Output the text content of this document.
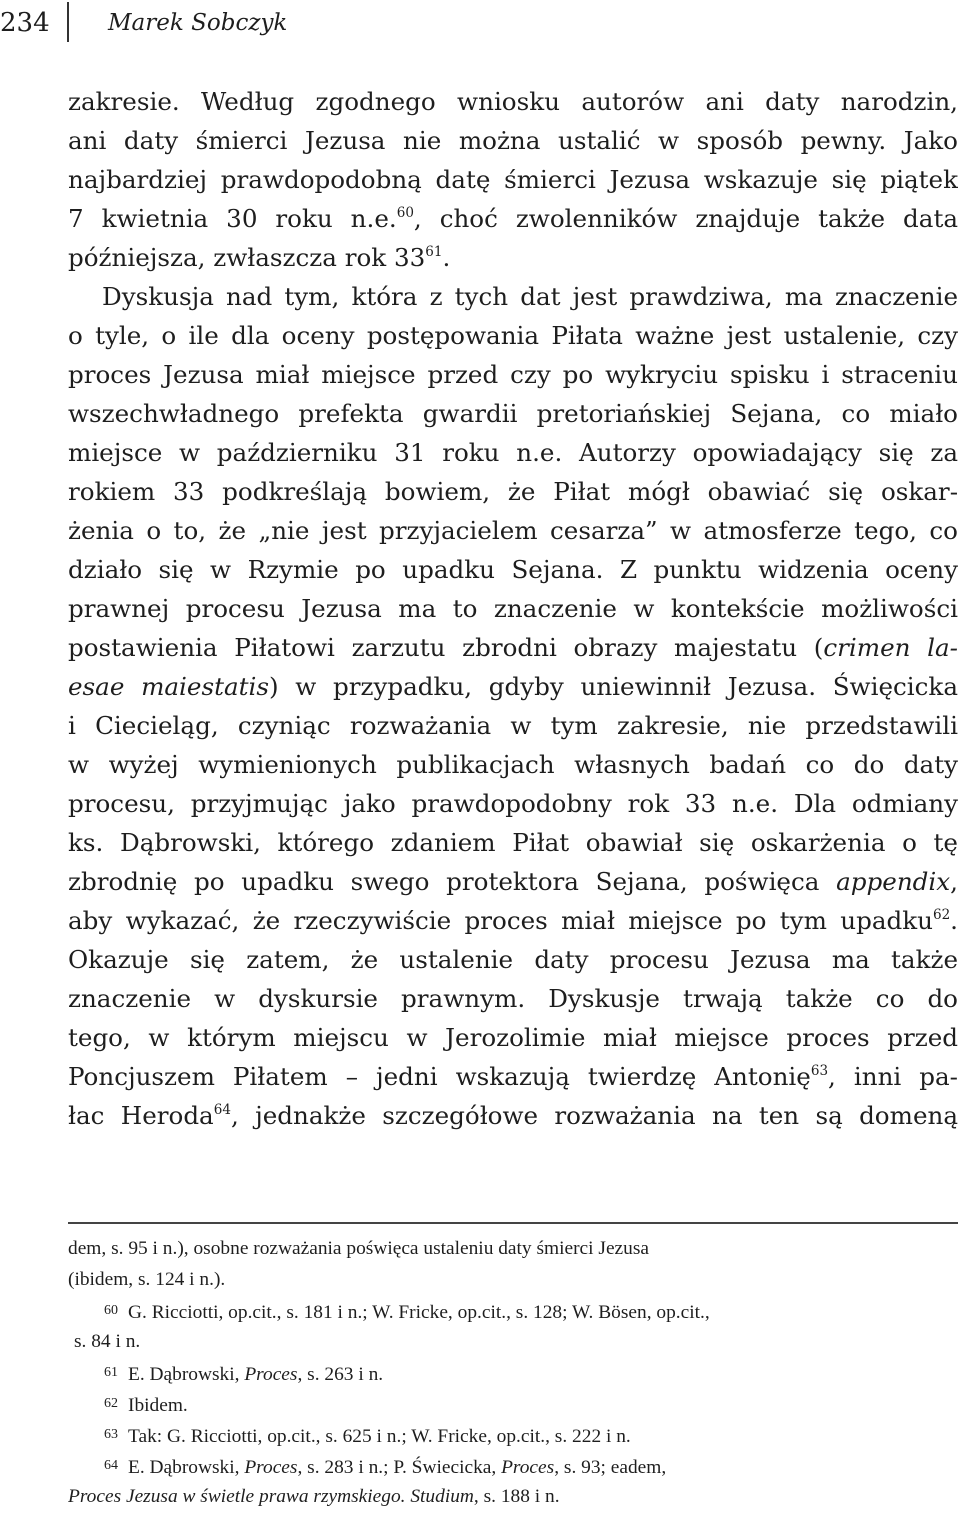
234	Marek Sobczyk
zakresie. Według zgodnego wniosku autorów ani daty narodzin,
ani daty śmierci Jezusa nie można ustalić w sposób pewny. Jako
najbardziej prawdopodobną datę śmierci Jezusa wskazuje się piątek
7 kwietnia 30 roku n.e.$^{60}$, choć zwolenników znajduje także data
późniejsza, zwłaszcza rok $33^{61}$.
Dyskusja nad tym, która z tych dat jest prawdziwa, ma znaczenie
o tyle, o ile dla oceny postępowania Piłata ważne jest ustalenie, czy
proces Jezusa miał miejsce przed czy po wykryciu spisku i straceniu
wszechwładnego prefekta gwardii pretoriańskiej Sejana, co miało
miejsce w październiku 31 roku n.e. Autorzy opowiadający się za
rokiem 33 podkreślają bowiem, że Piłat mógł obawiać się oskar-
żenia o to, że „nie jest przyjacielem cesarza” w atmosferze tego, co
działo się w Rzymie po upadku Sejana. Z punktu widzenia oceny
prawnej procesu Jezusa ma to znaczenie w kontekście możliwości
postawienia Piłatowi zarzutu zbrodni obrazy majestatu (crimen la-
esae maiestatis) w przypadku, gdyby uniewinnił Jezusa. Święcicka
i Ciecieląg, czyniąc rozważania w tym zakresie, nie przedstawili
w wyżej wymienionych publikacjach własnych badań co do daty
procesu, przyjmując jako prawdopodobny rok 33 n.e. Dla odmiany
ks. Dąbrowski, którego zdaniem Piłat obawiał się oskarżenia o tę
zbrodnię po upadku swego protektora Sejana, poświęca appendix,
aby wykazać, że rzeczywiście proces miał miejsce po tym upadku$^{62}$.
Okazuje się zatem, że ustalenie daty procesu Jezusa ma także
znaczenie w dyskursie prawnym. Dyskusje trwają także co do
tego, w którym miejscu w Jerozolimie miał miejsce proces przed
Poncjuszem Piłatem – jedni wskazują twierdzę Antonię$^{63}$, inni pa-
łac Heroda$^{64}$, jednakże szczegółowe rozważania na ten są domeną
dem, s. 95 i n.), osobne rozważania poświęca ustaleniu daty śmierci Jezusa
(ibidem, s. 124 i n.).
$^{60}$ G. Ricciotti, op.cit., s. 181 i n.; W. Fricke, op.cit., s. 128; W. Bösen, op.cit.,
s. 84 i n.
$^{61}$ E. Dąbrowski, Proces, s. 263 i n.
$^{62}$ Ibidem.
$^{63}$ Tak: G. Ricciotti, op.cit., s. 625 i n.; W. Fricke, op.cit., s. 222 i n.
$^{64}$ E. Dąbrowski, Proces, s. 283 i n.; P. Świecicka, Proces, s. 93; eadem,
Proces Jezusa w świetle prawa rzymskiego. Studium, s. 188 i n.
